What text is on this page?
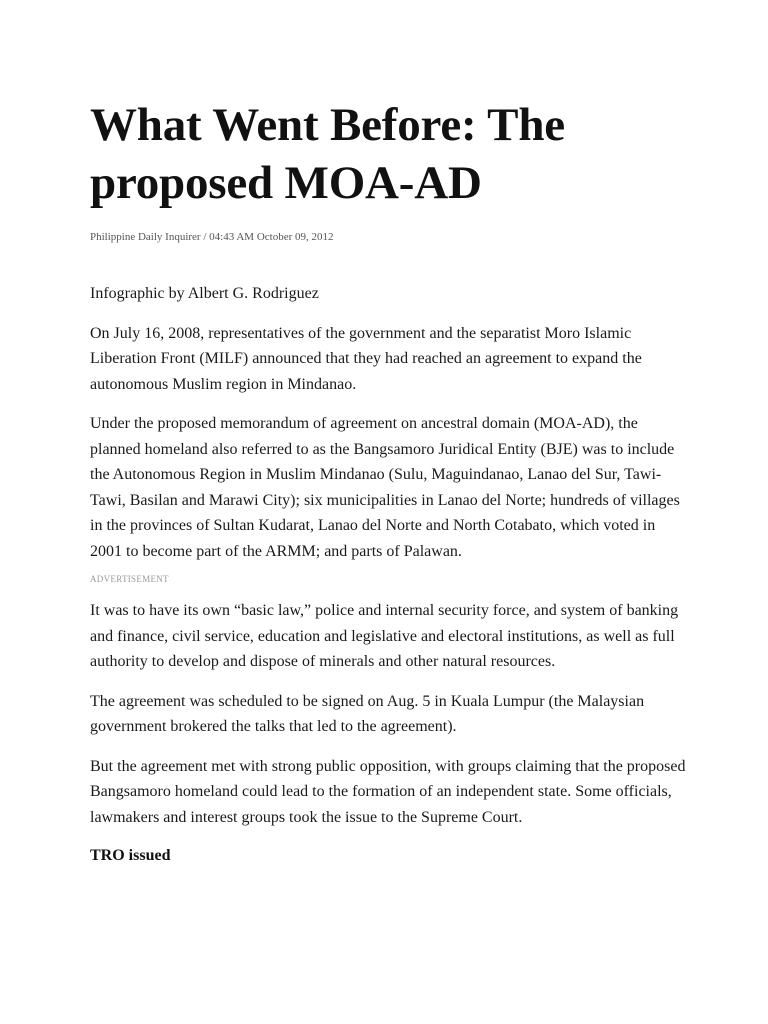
What Went Before: The proposed MOA-AD
Philippine Daily Inquirer / 04:43 AM October 09, 2012

Infographic by Albert G. Rodriguez

On July 16, 2008, representatives of the government and the separatist Moro Islamic Liberation Front (MILF) announced that they had reached an agreement to expand the autonomous Muslim region in Mindanao.

Under the proposed memorandum of agreement on ancestral domain (MOA-AD), the planned homeland also referred to as the Bangsamoro Juridical Entity (BJE) was to include the Autonomous Region in Muslim Mindanao (Sulu, Maguindanao, Lanao del Sur, Tawi-Tawi, Basilan and Marawi City); six municipalities in Lanao del Norte; hundreds of villages in the provinces of Sultan Kudarat, Lanao del Norte and North Cotabato, which voted in 2001 to become part of the ARMM; and parts of Palawan.

ADVERTISEMENT

It was to have its own “basic law,” police and internal security force, and system of banking and finance, civil service, education and legislative and electoral institutions, as well as full authority to develop and dispose of minerals and other natural resources.

The agreement was scheduled to be signed on Aug. 5 in Kuala Lumpur (the Malaysian government brokered the talks that led to the agreement).

But the agreement met with strong public opposition, with groups claiming that the proposed Bangsamoro homeland could lead to the formation of an independent state. Some officials, lawmakers and interest groups took the issue to the Supreme Court.

TRO issued
